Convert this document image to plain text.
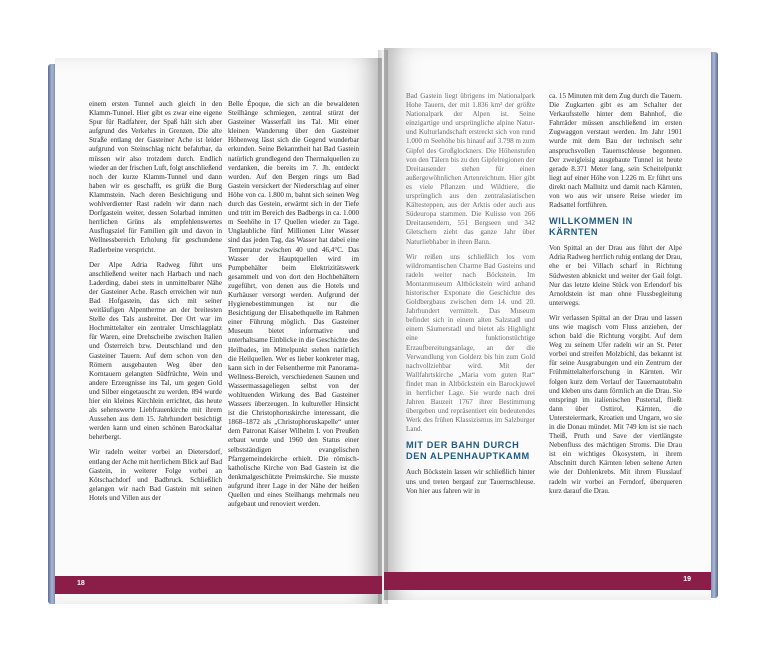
einem ersten Tunnel auch gleich in den Klamm-Tunnel. Hier gibt es zwar eine eigene Spur für Radfahrer, der Spaß hält sich aber aufgrund des Verkehrs in Grenzen. Die alte Straße entlang der Gasteiner Ache ist leider aufgrund von Steinschlag nicht befahrbar, da müssen wir also trotzdem durch. Endlich wieder an der frischen Luft, folgt anschließend noch der kurze Klamm-Tunnel und dann haben wir es geschafft, es grüßt die Burg Klammstein. Nach deren Besichtigung und wohlverdienter Rast radeln wir dann nach Dorfgastein weiter, dessen Solarbad inmitten herrlichen Grüns als empfehlenswertes Ausflugsziel für Familien gilt und davon in Wellnessbereich Erholung für geschundene Radlerbeine verspricht.

Der Alpe Adria Radweg führt uns anschließend weiter nach Harbach und nach Laderding, dabei stets in unmittelbarer Nähe der Gasteiner Ache. Rasch erreichen wir nun Bad Hofgastein, das sich mit seiner weitläufigen Alpentherme an der breitesten Stelle des Tals ausbreitet. Der Ort war im Hochmittelalter ein zentraler Umschlagplatz für Waren, eine Drehscheibe zwischen Italien und Österreich bzw. Deutschland und den Gasteiner Tauern. Auf dem schon von den Römern ausgebauten Weg über den Korntauern gelangten Südfrüchte, Wein und andere Erzeugnisse ins Tal, um gegen Gold und Silber eingetauscht zu werden. 894 wurde hier ein kleines Kirchlein errichtet, das heute als sehenswerte Liebfrauenkirche mit ihrem Aussehen aus dem 15. Jahrhundert besichtigt werden kann und einen schönen Barockaltar beherbergt.

Wir radeln weiter vorbei an Dietersdorf, entlang der Ache mit herrlichem Blick auf Bad Gastein, in weiterer Folge vorbei an Kötschachdorf und Badbruck. Schließlich gelangen wir nach Bad Gastein mit seinen Hotels und Villen aus der

Belle Époque, die sich an die bewaldeten Steilhänge schmiegen, zentral stürzt der Gasteiner Wasserfall ins Tal. Mit einer kleinen Wanderung über den Gasteiner Höhenweg lässt sich die Gegend wunderbar erkunden. Seine Bekanntheit hat Bad Gastein natürlich grundlegend den Thermalquellen zu verdanken, die bereits im 7. Jh. entdeckt wurden. Auf den Bergen rings um Bad Gastein versickert der Niederschlag auf einer Höhe von ca. 1.800 m, bahnt sich seinen Weg durch das Gestein, erwärmt sich in der Tiefe und tritt im Bereich des Badbergs in ca. 1.000 m Seehöhe in 17 Quellen wieder zu Tage. Unglaubliche fünf Millionen Liter Wasser sind das jeden Tag, das Wasser hat dabei eine Temperatur zwischen 40 und 46,4°C. Das Wasser der Hauptquellen wird im Pumpbehälter beim Elektrizitätswerk gesammelt und von dort den Hochbehältern zugeführt, von denen aus die Hotels und Kurhäuser versorgt werden. Aufgrund der Hygienebestimmungen ist nur die Besichtigung der Elisabethquelle im Rahmen einer Führung möglich. Das Gasteiner Museum bietet informative und unterhaltsame Einblicke in die Geschichte des Heilbades, im Mittelpunkt stehen natürlich die Heilquellen. Wer es lieber konkreter mag, kann sich in der Felsentherme mit Panorama-Wellness-Bereich, verschiedenen Saunen und Wassermassageliegen selbst von der wohltuenden Wirkung des Bad Gasteiner Wassers überzeugen. In kultureller Hinsicht ist die Christophoruskirche interessant, die 1868–1872 als „Christophoruskapelle“ unter dem Patronat Kaiser Wilhelm I. von Preußen erbaut wurde und 1960 den Status einer selbstständigen evangelischen Pfarrgemeindekirche erhielt. Die römisch-katholische Kirche von Bad Gastein ist die denkmalgeschützte Preimskirche. Sie musste aufgrund ihrer Lage in der Nähe der heißen Quellen und eines Steilhangs mehrmals neu aufgebaut und renoviert werden.

Bad Gastein liegt übrigens im Nationalpark Hohe Tauern, der mit 1.836 km² der größte Nationalpark der Alpen ist. Seine einzigartige und ursprüngliche alpine Natur- und Kulturlandschaft erstreckt sich von rund 1.000 m Seehöhe bis hinauf auf 3.798 m zum Gipfel des Großglockners. Die Höhenstufen von den Tälern bis zu den Gipfelregionen der Dreitausender stehen für einen außergewöhnlichen Artenreichtum. Hier gibt es viele Pflanzen und Wildtiere, die ursprünglich aus den zentralasiatischen Kältesteppen, aus der Arktis oder auch aus Südeuropa stammen. Die Kulisse von 266 Dreitausendern, 551 Bergseen und 342 Gletschern zieht das ganze Jahr über Naturliebhaber in ihren Bann.

Wir reißen uns schließlich los vom wildromantischen Charme Bad Gasteins und radeln weiter nach Böckstein. Im Montanmuseum Altböckstein wird anhand historischer Exponate die Geschichte des Goldbergbaus zwischen dem 14. und 20. Jahrhundert vermittelt. Das Museum befindet sich in einem alten Salzstadl und einem Säumerstadl und bietet als Highlight eine funktionstüchtige Erzaufbereitungsanlage, an der die Verwandlung von Golderz bis hin zum Gold nachvollziehbar wird. Mit der Wallfahrtskirche „Maria vom guten Rat“ findet man in Altböckstein ein Barockjuwel in herrlicher Lage. Sie wurde nach drei Jahren Bauzeit 1767 ihrer Bestimmung übergeben und repräsentiert ein bedeutendes Werk des frühen Klassizismus im Salzburger Land.

MIT DER BAHN DURCH DEN ALPENHAUPTKAMM

Auch Böckstein lassen wir schließlich hinter uns und treten bergauf zur Tauernschleuse. Von hier aus fahren wir in

ca. 15 Minuten mit dem Zug durch die Tauern. Die Zugkarten gibt es am Schalter der Verkaufsstelle hinter dem Bahnhof, die Fahrräder müssen anschließend im ersten Zugwaggon verstaut werden. Im Jahr 1901 wurde mit dem Bau der technisch sehr anspruchsvollen Tauernschleuse begonnen. Der zweigleisig ausgebaute Tunnel ist heute gerade 8.371 Meter lang, sein Scheitelpunkt liegt auf einer Höhe von 1.226 m. Er führt uns direkt nach Mallnitz und damit nach Kärnten, von wo aus wir unsere Reise wieder im Radsattel fortführen.

WILLKOMMEN IN KÄRNTEN

Von Spittal an der Drau aus führt der Alpe Adria Radweg herrlich ruhig entlang der Drau, ehe er bei Villach scharf in Richtung Südwesten abknickt und weiter der Gail folgt. Nur das letzte kleine Stück von Erlendorf bis Arnoldstein ist man ohne Flussbegleitung unterwegs.

Wir verlassen Spittal an der Drau und lassen uns wie magisch vom Fluss anziehen, der schon bald die Richtung vorgibt. Auf dem Weg zu seinem Ufer radeln wir an St. Peter vorbei und streifen Molzbichl, das bekannt ist für seine Ausgrabungen und ein Zentrum der Frühmittelalterforschung in Kärnten. Wir folgen kurz dem Verlauf der Tauernautobahn und kleben uns dann förmlich an die Drau. Sie entspringt im italienischen Pustertal, fließt dann über Osttirol, Kärnten, die Untersteiermark, Kroatien und Ungarn, wo sie in die Donau mündet. Mit 749 km ist sie nach Theiß, Pruth und Save der viertlängste Nebenfluss des mächtigen Stroms. Die Drau ist ein wichtiges Ökosystem, in ihrem Abschnitt durch Kärnten leben seltene Arten wie der Dohlenkrebs. Mit ihrem Flusslauf radeln wir vorbei an Ferndorf, überqueren kurz darauf die Drau.

18
19
